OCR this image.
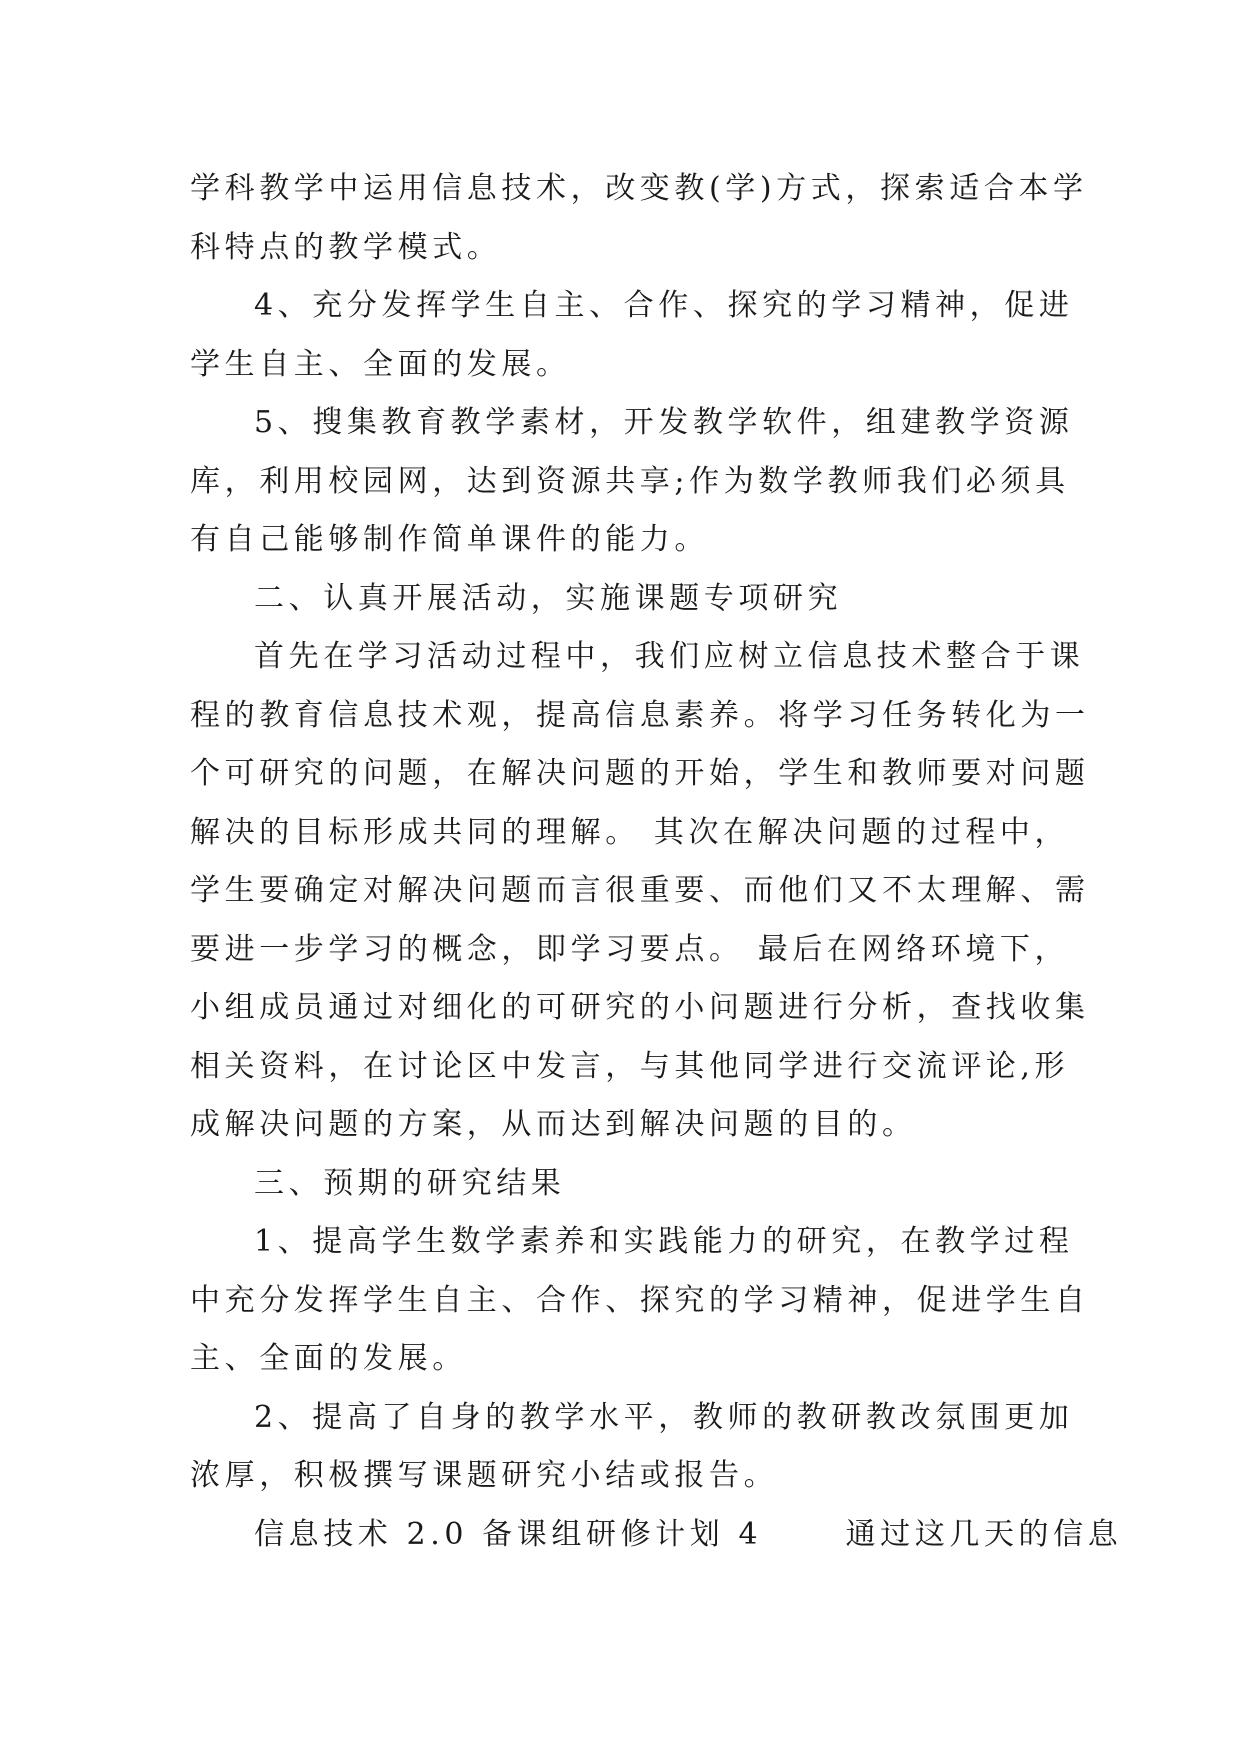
学科教学中运用信息技术，改变教(学)方式，探索适合本学
科特点的教学模式。
4、充分发挥学生自主、合作、探究的学习精神，促进
学生自主、全面的发展。
5、搜集教育教学素材，开发教学软件，组建教学资源
库，利用校园网，达到资源共享;作为数学教师我们必须具
有自己能够制作简单课件的能力。
二、认真开展活动，实施课题专项研究
首先在学习活动过程中，我们应树立信息技术整合于课
程的教育信息技术观，提高信息素养。将学习任务转化为一
个可研究的问题，在解决问题的开始，学生和教师要对问题
解决的目标形成共同的理解。 其次在解决问题的过程中，
学生要确定对解决问题而言很重要、而他们又不太理解、需
要进一步学习的概念，即学习要点。 最后在网络环境下，
小组成员通过对细化的可研究的小问题进行分析，查找收集
相关资料，在讨论区中发言，与其他同学进行交流评论,形
成解决问题的方案，从而达到解决问题的目的。
三、预期的研究结果
1、提高学生数学素养和实践能力的研究，在教学过程
中充分发挥学生自主、合作、探究的学习精神，促进学生自
主、全面的发展。
2、提高了自身的教学水平，教师的教研教改氛围更加
浓厚，积极撰写课题研究小结或报告。
信息技术 2.0 备课组研修计划 4　　 通过这几天的信息
